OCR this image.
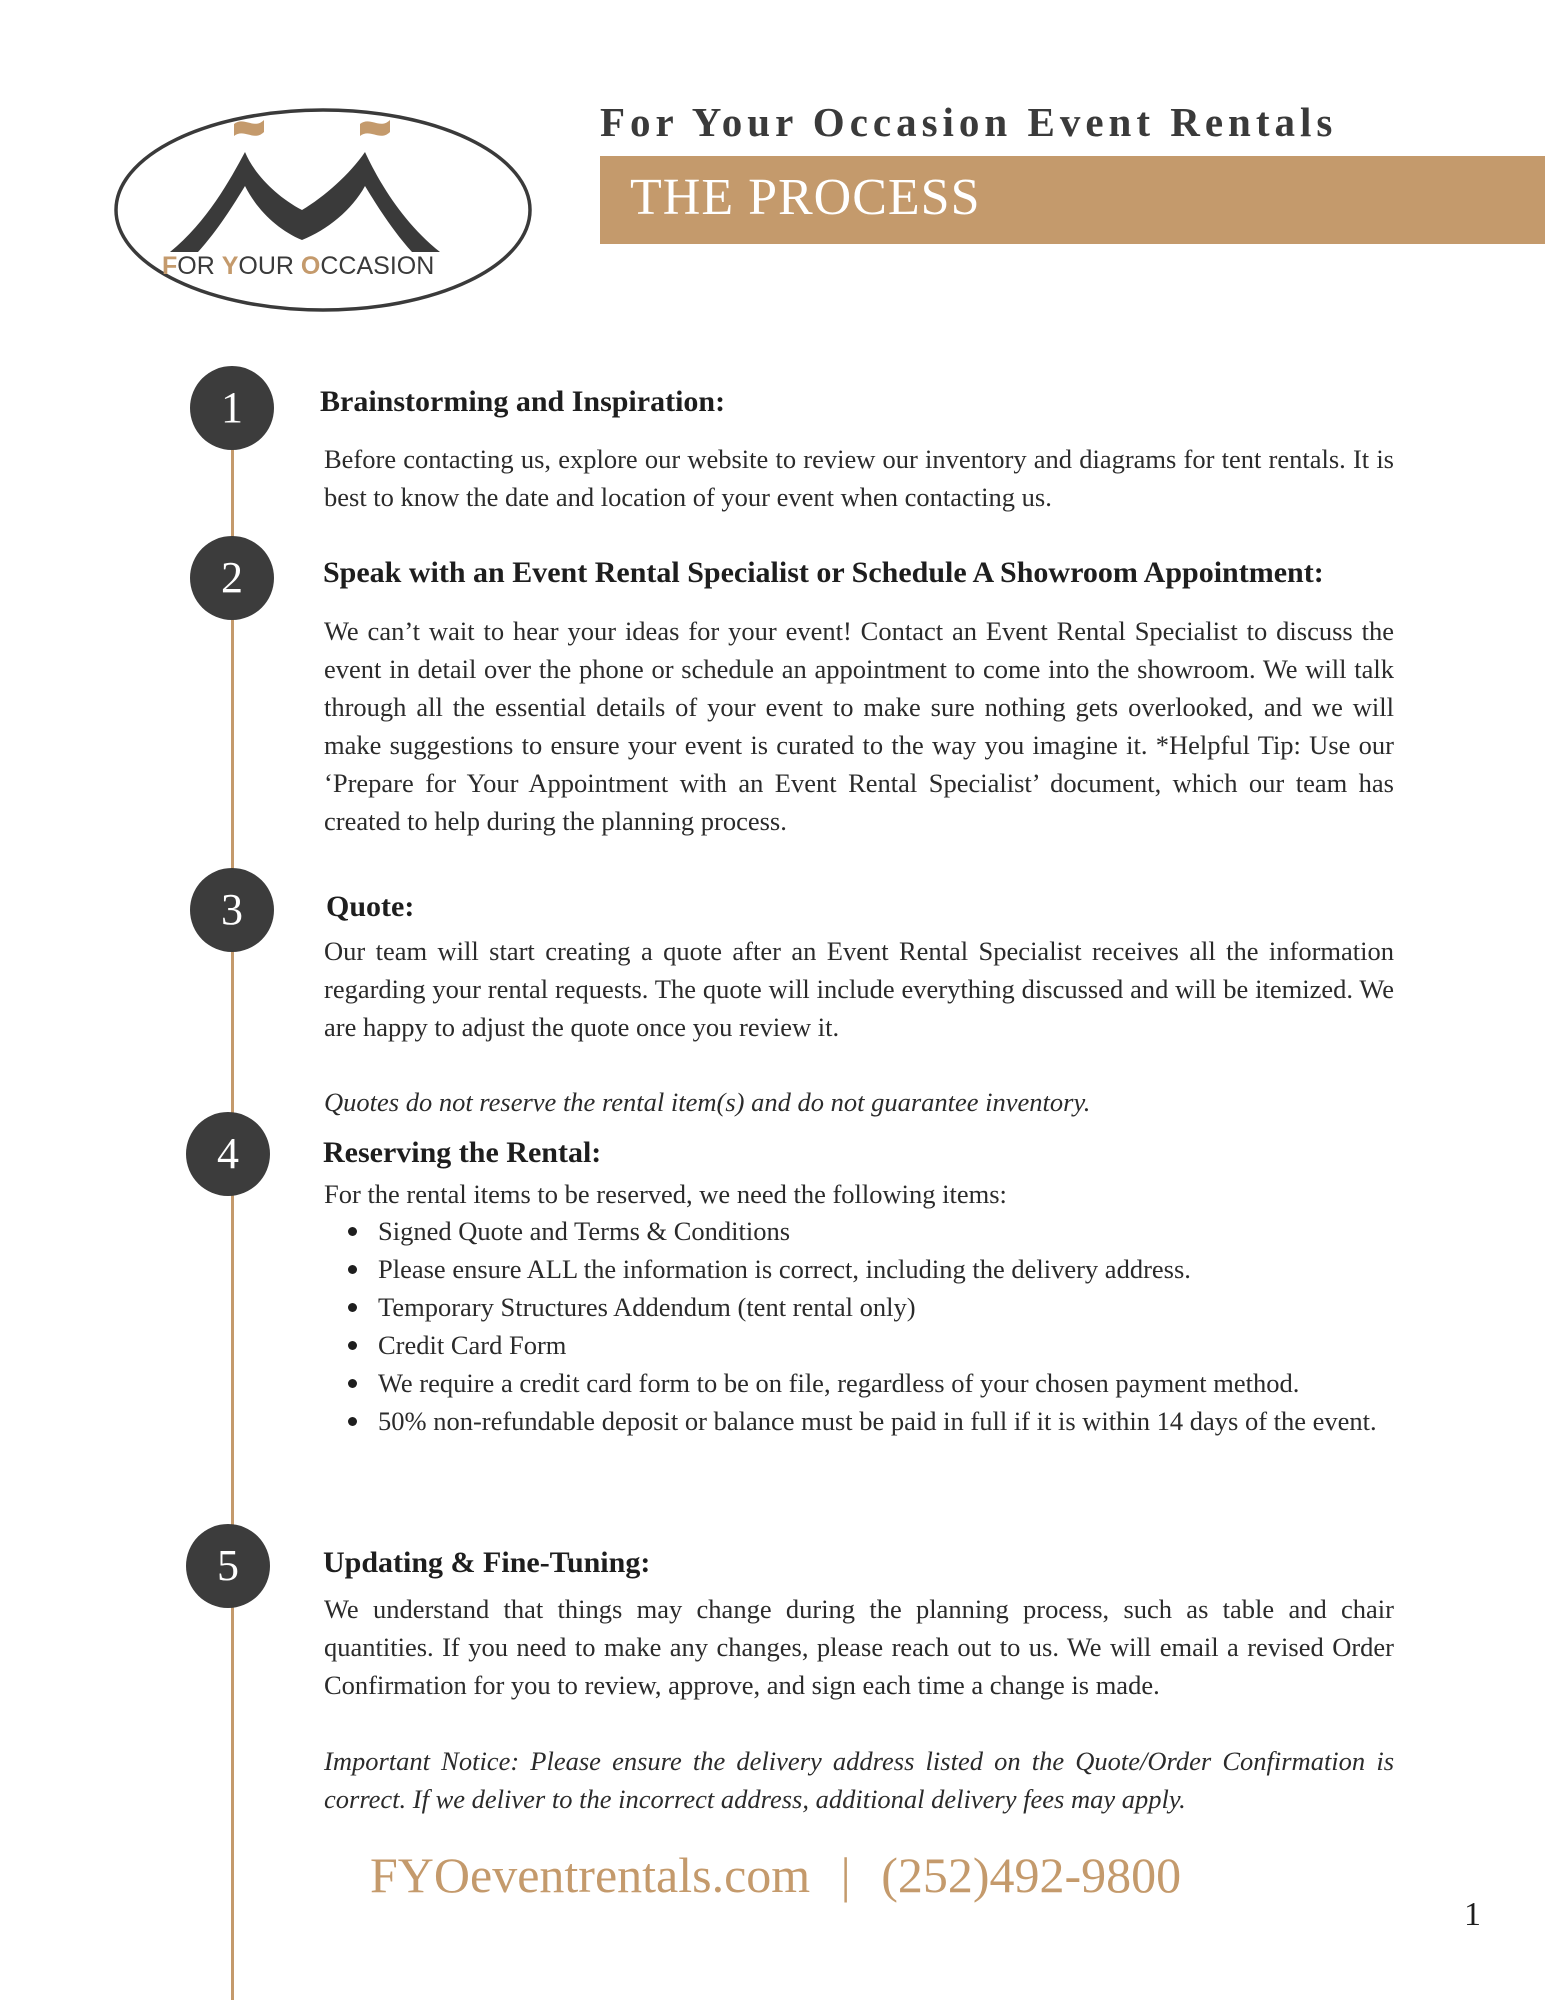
FOR YOUR OCCASION
For Your Occasion Event Rentals
THE PROCESS
1	Brainstorming and Inspiration:

Before contacting us, explore our website to review our inventory and diagrams for tent rentals. It is best to know the date and location of your event when contacting us.

2	Speak with an Event Rental Specialist or Schedule A Showroom Appointment:

We can’t wait to hear your ideas for your event! Contact an Event Rental Specialist to discuss the event in detail over the phone or schedule an appointment to come into the showroom. We will talk through all the essential details of your event to make sure nothing gets overlooked, and we will make suggestions to ensure your event is curated to the way you imagine it. *Helpful Tip: Use our ‘Prepare for Your Appointment with an Event Rental Specialist’ document, which our team has created to help during the planning process.

3	Quote:

Our team will start creating a quote after an Event Rental Specialist receives all the information regarding your rental requests. The quote will include everything discussed and will be itemized. We are happy to adjust the quote once you review it.

Quotes do not reserve the rental item(s) and do not guarantee inventory.

4	Reserving the Rental:

For the rental items to be reserved, we need the following items:

Signed Quote and Terms & Conditions
Please ensure ALL the information is correct, including the delivery address.
Temporary Structures Addendum (tent rental only)
Credit Card Form
We require a credit card form to be on file, regardless of your chosen payment method.
50% non-refundable deposit or balance must be paid in full if it is within 14 days of the event.
5	Updating & Fine-Tuning:

We understand that things may change during the planning process, such as table and chair quantities. If you need to make any changes, please reach out to us. We will email a revised Order Confirmation for you to review, approve, and sign each time a change is made.

Important Notice: Please ensure the delivery address listed on the Quote/Order Confirmation is correct. If we deliver to the incorrect address, additional delivery fees may apply.

FYOeventrentals.com | (252)492-9800
1
